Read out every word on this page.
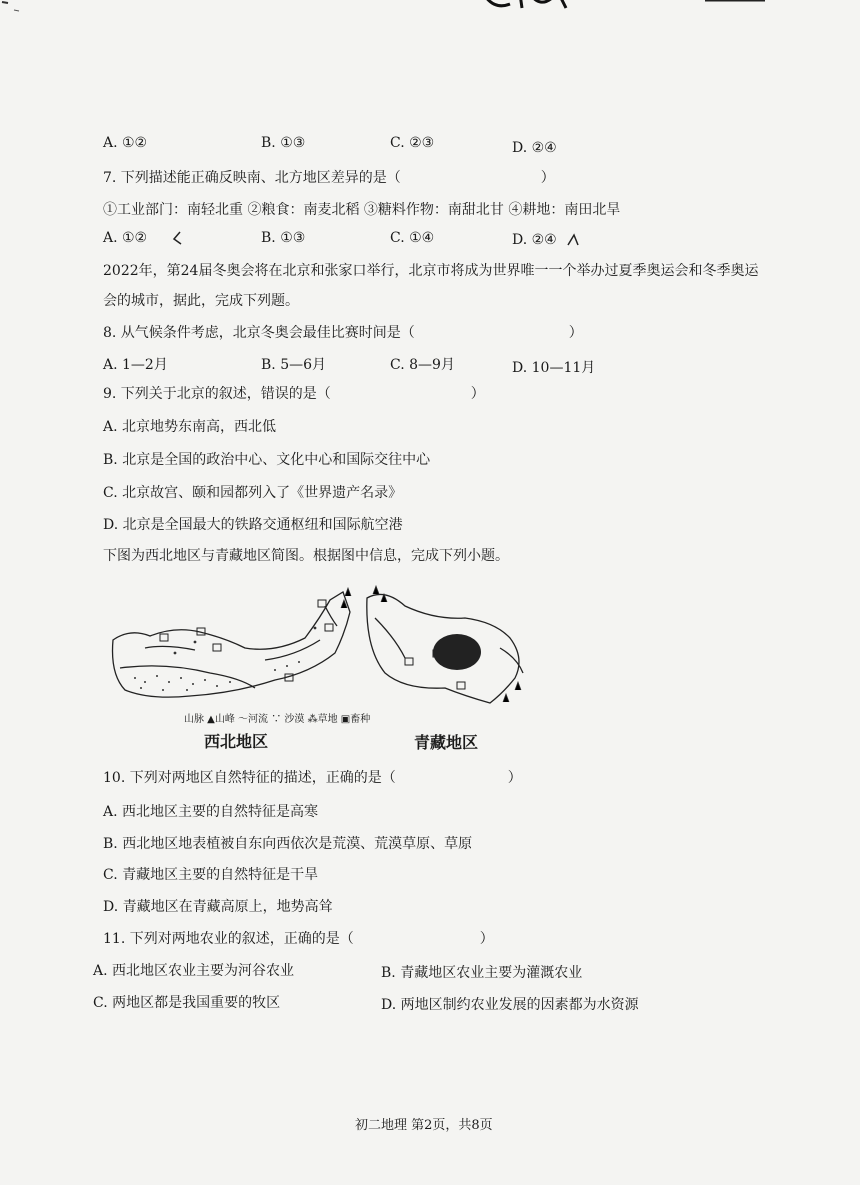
A. ①②	B. ①③	C. ②③	D. ②④
7. 下列描述能正确反映南、北方地区差异的是（　　　　　　　　　　）
①工业部门：南轻北重 ②粮食：南麦北稻 ③糖料作物：南甜北甘 ④耕地：南田北旱
A. ①②	B. ①③	C. ①④	D. ②④
2022年，第24届冬奥会将在北京和张家口举行，北京市将成为世界唯一一个举办过夏季奥运会和冬季奥运
会的城市，据此，完成下列题。
8. 从气候条件考虑，北京冬奥会最佳比赛时间是（　　　　　　　　　　　）
A. 1—2月	B. 5—6月	C. 8—9月	D. 10—11月
9. 下列关于北京的叙述，错误的是（　　　　　　　　　　）
A. 北京地势东南高，西北低
B. 北京是全国的政治中心、文化中心和国际交往中心
C. 北京故宫、颐和园都列入了《世界遗产名录》
D. 北京是全国最大的铁路交通枢纽和国际航空港
下图为西北地区与青藏地区简图。根据图中信息，完成下列小题。
山脉 ▲山峰 〜河流 ∵ 沙漠 ⁂草地 ▣畜种
西北地区	青藏地区
10. 下列对两地区自然特征的描述，正确的是（　　　　　　　　）
A. 西北地区主要的自然特征是高寒
B. 西北地区地表植被自东向西依次是荒漠、荒漠草原、草原
C. 青藏地区主要的自然特征是干旱
D. 青藏地区在青藏高原上，地势高耸
11. 下列对两地农业的叙述，正确的是（　　　　　　　　　）
A. 西北地区农业主要为河谷农业	B. 青藏地区农业主要为灌溉农业
C. 两地区都是我国重要的牧区	D. 两地区制约农业发展的因素都为水资源
初二地理 第2页，共8页
